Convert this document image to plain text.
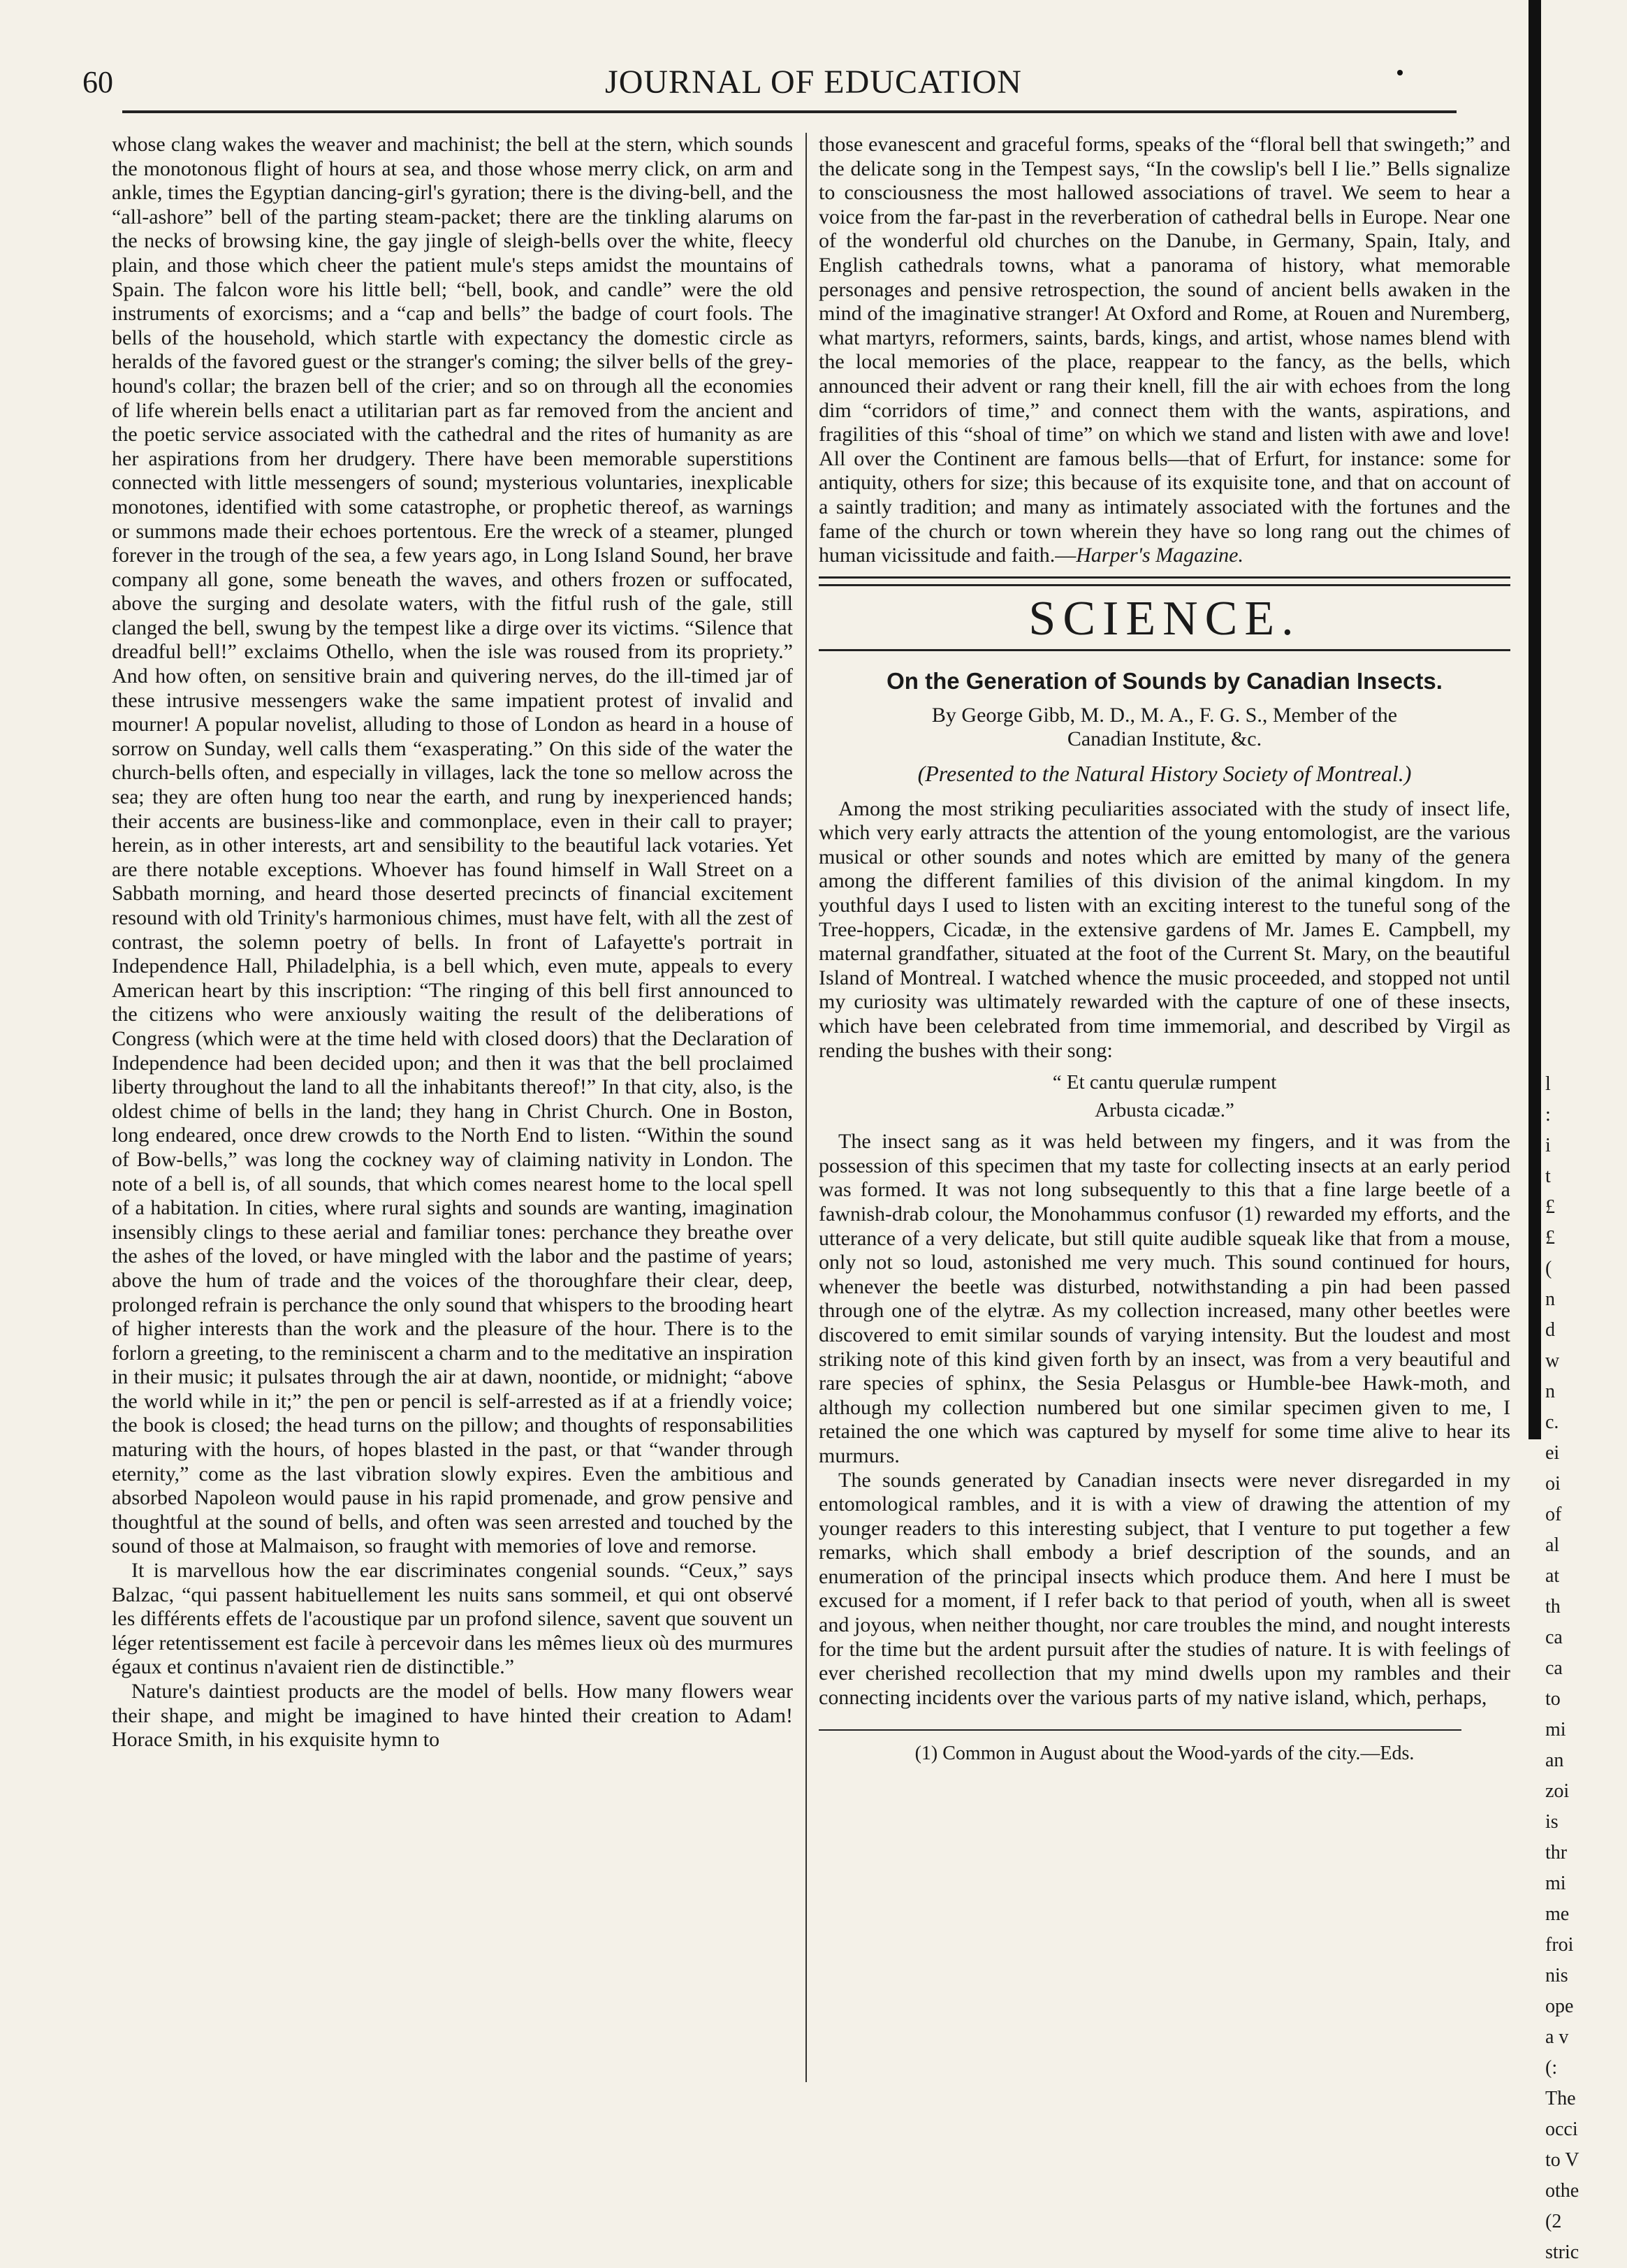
60	JOURNAL OF EDUCATION

whose clang wakes the weaver and machinist; the bell at the stern, which sounds the monotonous flight of hours at sea, and those whose merry click, on arm and ankle, times the Egyptian dancing-girl's gyration; there is the diving-bell, and the “all-ashore” bell of the parting steam-packet; there are the tinkling alarums on the necks of browsing kine, the gay jingle of sleigh-bells over the white, fleecy plain, and those which cheer the patient mule's steps amidst the mountains of Spain. The falcon wore his little bell; “bell, book, and candle” were the old instruments of exorcisms; and a “cap and bells” the badge of court fools. The bells of the household, which startle with expectancy the domestic circle as heralds of the favored guest or the stranger's coming; the silver bells of the grey-hound's collar; the brazen bell of the crier; and so on through all the economies of life wherein bells enact a utilitarian part as far removed from the ancient and the poetic service associated with the cathedral and the rites of humanity as are her aspirations from her drudgery. There have been memorable superstitions connected with little messengers of sound; mysterious voluntaries, inexplicable monotones, identified with some catastrophe, or prophetic thereof, as warnings or summons made their echoes portentous. Ere the wreck of a steamer, plunged forever in the trough of the sea, a few years ago, in Long Island Sound, her brave company all gone, some beneath the waves, and others frozen or suffocated, above the surging and desolate waters, with the fitful rush of the gale, still clanged the bell, swung by the tempest like a dirge over its victims. “Silence that dreadful bell!” exclaims Othello, when the isle was roused from its propriety.” And how often, on sensitive brain and quivering nerves, do the ill-timed jar of these intrusive messengers wake the same impatient protest of invalid and mourner! A popular novelist, alluding to those of London as heard in a house of sorrow on Sunday, well calls them “exasperating.” On this side of the water the church-bells often, and especially in villages, lack the tone so mellow across the sea; they are often hung too near the earth, and rung by inexperienced hands; their accents are business-like and commonplace, even in their call to prayer; herein, as in other interests, art and sensibility to the beautiful lack votaries. Yet are there notable exceptions. Whoever has found himself in Wall Street on a Sabbath morning, and heard those deserted precincts of financial excitement resound with old Trinity's harmonious chimes, must have felt, with all the zest of contrast, the solemn poetry of bells. In front of Lafayette's portrait in Independence Hall, Philadelphia, is a bell which, even mute, appeals to every American heart by this inscription: “The ringing of this bell first announced to the citizens who were anxiously waiting the result of the deliberations of Congress (which were at the time held with closed doors) that the Declaration of Independence had been decided upon; and then it was that the bell proclaimed liberty throughout the land to all the inhabitants thereof!” In that city, also, is the oldest chime of bells in the land; they hang in Christ Church. One in Boston, long endeared, once drew crowds to the North End to listen. “Within the sound of Bow-bells,” was long the cockney way of claiming nativity in London. The note of a bell is, of all sounds, that which comes nearest home to the local spell of a habitation. In cities, where rural sights and sounds are wanting, imagination insensibly clings to these aerial and familiar tones: perchance they breathe over the ashes of the loved, or have mingled with the labor and the pastime of years; above the hum of trade and the voices of the thoroughfare their clear, deep, prolonged refrain is perchance the only sound that whispers to the brooding heart of higher interests than the work and the pleasure of the hour. There is to the forlorn a greeting, to the reminiscent a charm and to the meditative an inspiration in their music; it pulsates through the air at dawn, noontide, or midnight; “above the world while in it;” the pen or pencil is self-arrested as if at a friendly voice; the book is closed; the head turns on the pillow; and thoughts of responsabilities maturing with the hours, of hopes blasted in the past, or that “wander through eternity,” come as the last vibration slowly expires. Even the ambitious and absorbed Napoleon would pause in his rapid promenade, and grow pensive and thoughtful at the sound of bells, and often was seen arrested and touched by the sound of those at Malmaison, so fraught with memories of love and remorse.

It is marvellous how the ear discriminates congenial sounds. “Ceux,” says Balzac, “qui passent habituellement les nuits sans sommeil, et qui ont observé les différents effets de l'acoustique par un profond silence, savent que souvent un léger retentissement est facile à percevoir dans les mêmes lieux où des murmures égaux et continus n'avaient rien de distinctible.”

Nature's daintiest products are the model of bells. How many flowers wear their shape, and might be imagined to have hinted their creation to Adam! Horace Smith, in his exquisite hymn to

those evanescent and graceful forms, speaks of the “floral bell that swingeth;” and the delicate song in the Tempest says, “In the cowslip's bell I lie.” Bells signalize to consciousness the most hallowed associations of travel. We seem to hear a voice from the far-past in the reverberation of cathedral bells in Europe. Near one of the wonderful old churches on the Danube, in Germany, Spain, Italy, and English cathedrals towns, what a panorama of history, what memorable personages and pensive retrospection, the sound of ancient bells awaken in the mind of the imaginative stranger! At Oxford and Rome, at Rouen and Nuremberg, what martyrs, reformers, saints, bards, kings, and artist, whose names blend with the local memories of the place, reappear to the fancy, as the bells, which announced their advent or rang their knell, fill the air with echoes from the long dim “corridors of time,” and connect them with the wants, aspirations, and fragilities of this “shoal of time” on which we stand and listen with awe and love! All over the Continent are famous bells—that of Erfurt, for instance: some for antiquity, others for size; this because of its exquisite tone, and that on account of a saintly tradition; and many as intimately associated with the fortunes and the fame of the church or town wherein they have so long rang out the chimes of human vicissitude and faith.—Harper's Magazine.

SCIENCE.
On the Generation of Sounds by Canadian Insects.
By George Gibb, M. D., M. A., F. G. S., Member of the
Canadian Institute, &c.
(Presented to the Natural History Society of Montreal.)

Among the most striking peculiarities associated with the study of insect life, which very early attracts the attention of the young entomologist, are the various musical or other sounds and notes which are emitted by many of the genera among the different families of this division of the animal kingdom. In my youthful days I used to listen with an exciting interest to the tuneful song of the Tree-hoppers, Cicadæ, in the extensive gardens of Mr. James E. Campbell, my maternal grandfather, situated at the foot of the Current St. Mary, on the beautiful Island of Montreal. I watched whence the music proceeded, and stopped not until my curiosity was ultimately rewarded with the capture of one of these insects, which have been celebrated from time immemorial, and described by Virgil as rending the bushes with their song:

“ Et cantu querulæ rumpent
Arbusta cicadæ.”

The insect sang as it was held between my fingers, and it was from the possession of this specimen that my taste for collecting insects at an early period was formed. It was not long subsequently to this that a fine large beetle of a fawnish-drab colour, the Monohammus confusor (1) rewarded my efforts, and the utterance of a very delicate, but still quite audible squeak like that from a mouse, only not so loud, astonished me very much. This sound continued for hours, whenever the beetle was disturbed, notwithstanding a pin had been passed through one of the elytræ. As my collection increased, many other beetles were discovered to emit similar sounds of varying intensity. But the loudest and most striking note of this kind given forth by an insect, was from a very beautiful and rare species of sphinx, the Sesia Pelasgus or Humble-bee Hawk-moth, and although my collection numbered but one similar specimen given to me, I retained the one which was captured by myself for some time alive to hear its murmurs.

The sounds generated by Canadian insects were never disregarded in my entomological rambles, and it is with a view of drawing the attention of my younger readers to this interesting subject, that I venture to put together a few remarks, which shall embody a brief description of the sounds, and an enumeration of the principal insects which produce them. And here I must be excused for a moment, if I refer back to that period of youth, when all is sweet and joyous, when neither thought, nor care troubles the mind, and nought interests for the time but the ardent pursuit after the studies of nature. It is with feelings of ever cherished recollection that my mind dwells upon my rambles and their connecting incidents over the various parts of my native island, which, perhaps,

(1) Common in August about the Wood-yards of the city.—Eds.
l
:
i
t
£
£
(
n
d
w
n
c.
ei
oi
of
al
at
th
ca
ca
to
mi
an
zoi
is
thr
mi
me
froi
nis
ope
a v
(:
The
occi
to V
othe
(2
stric
